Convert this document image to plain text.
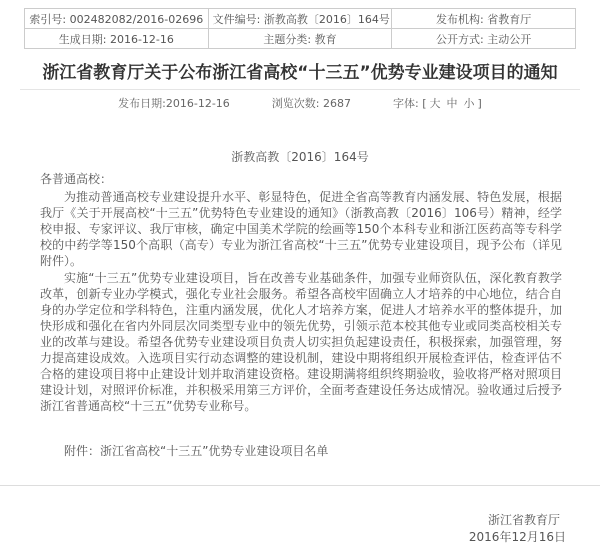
索引号: 002482082/2016-02696	文件编号: 浙教高教〔2016〕164号	发布机构: 省教育厅
生成日期: 2016-12-16	主题分类: 教育	公开方式: 主动公开
浙江省教育厅关于公布浙江省高校“十三五”优势专业建设项目的通知
发布日期:2016-12-16	浏览次数: 2687	字体: [ 大 中 小 ]
浙教高教〔2016〕164号
各普通高校：

为推动普通高校专业建设提升水平、彰显特色，促进全省高等教育内涵发展、特色发展，根据我厅《关于开展高校“十三五”优势特色专业建设的通知》（浙教高教〔2016〕106号）精神，经学校申报、专家评议、我厅审核，确定中国美术学院的绘画等150个本科专业和浙江医药高等专科学校的中药学等150个高职（高专）专业为浙江省高校“十三五”优势专业建设项目，现予公布（详见附件）。

实施“十三五”优势专业建设项目，旨在改善专业基础条件，加强专业师资队伍，深化教育教学改革，创新专业办学模式，强化专业社会服务。希望各高校牢固确立人才培养的中心地位，结合自身的办学定位和学科特色，注重内涵发展，优化人才培养方案，促进人才培养水平的整体提升，加快形成和强化在省内外同层次同类型专业中的领先优势，引领示范本校其他专业或同类高校相关专业的改革与建设。希望各优势专业建设项目负责人切实担负起建设责任，积极探索，加强管理，努力提高建设成效。入选项目实行动态调整的建设机制，建设中期将组织开展检查评估，检查评估不合格的建设项目将中止建设计划并取消建设资格。建设期满将组织终期验收，验收将严格对照项目建设计划，对照评价标准，并积极采用第三方评价，全面考查建设任务达成情况。验收通过后授予浙江省普通高校“十三五”优势专业称号。

附件：浙江省高校“十三五”优势专业建设项目名单
浙江省教育厅
2016年12月16日
